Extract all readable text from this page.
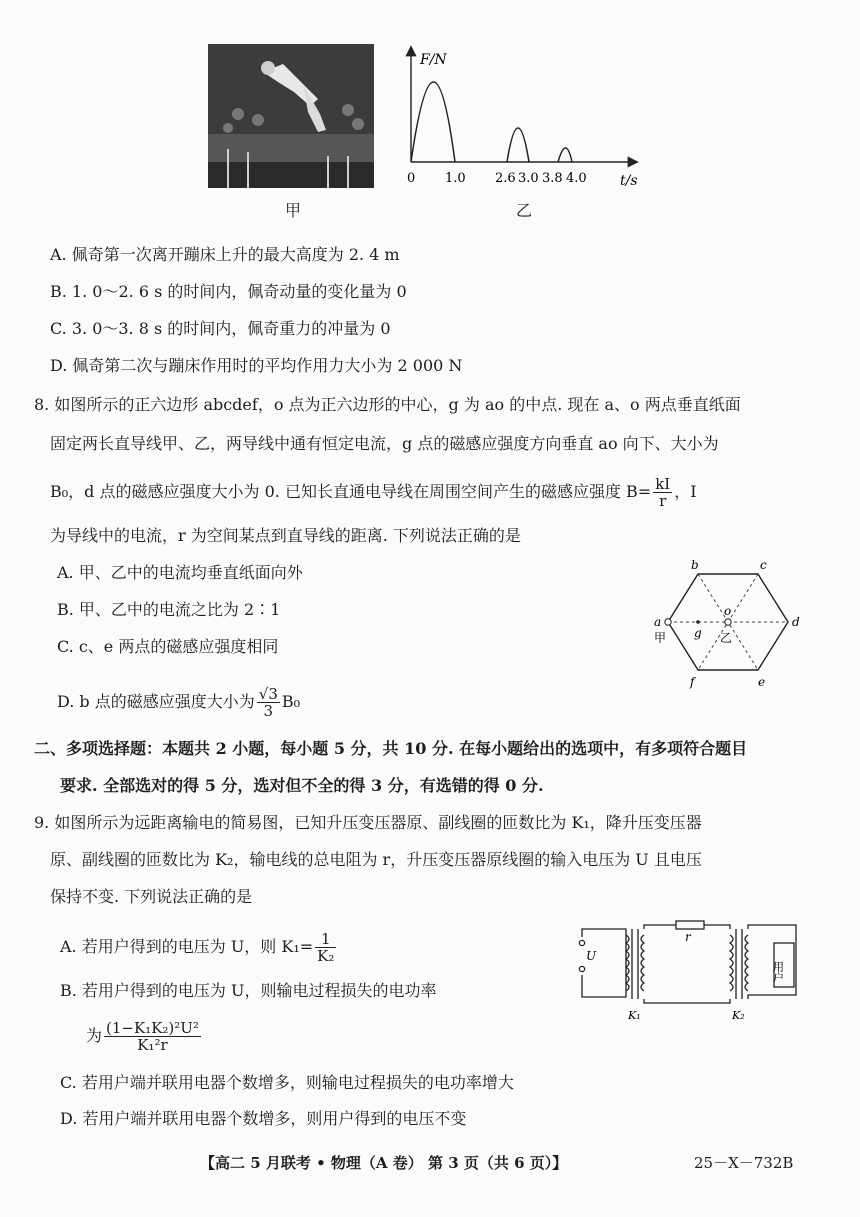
甲
F/N
t/s
0 1.0 2.6 3.0 3.8 4.0
乙
A. 佩奇第一次离开蹦床上升的最大高度为 2. 4 m
B. 1. 0～2. 6 s 的时间内，佩奇动量的变化量为 0
C. 3. 0～3. 8 s 的时间内，佩奇重力的冲量为 0
D. 佩奇第二次与蹦床作用时的平均作用力大小为 2 000 N
8. 如图所示的正六边形 abcdef，o 点为正六边形的中心，g 为 ao 的中点. 现在 a、o 两点垂直纸面
固定两长直导线甲、乙，两导线中通有恒定电流，g 点的磁感应强度方向垂直 ao 向下、大小为
B₀，d 点的磁感应强度大小为 0. 已知长直通电导线在周围空间产生的磁感应强度 $B= \frac{kI}{r}$ ，I
为导线中的电流，r 为空间某点到直导线的距离. 下列说法正确的是
A. 甲、乙中的电流均垂直纸面向外
B. 甲、乙中的电流之比为 2∶1
C. c、e 两点的磁感应强度相同
D. b 点的磁感应强度大小为 $\frac{√3}{3} B_0$
b	c
d
a
f	e
o
g
甲	乙
二、多项选择题：本题共 2 小题，每小题 5 分，共 10 分. 在每小题给出的选项中，有多项符合题目
要求. 全部选对的得 5 分，选对但不全的得 3 分，有选错的得 0 分.
9. 如图所示为远距离输电的简易图，已知升压变压器原、副线圈的匝数比为 K₁，降升压变压器
原、副线圈的匝数比为 K₂，输电线的总电阻为 r，升压变压器原线圈的输入电压为 U 且电压
保持不变. 下列说法正确的是
A. 若用户得到的电压为 U，则 $K_1= \frac{1}{\text{K₂}}$
B. 若用户得到的电压为 U，则输电过程损失的电功率
为 $\frac{\text{(1−K₁K₂)²U²}}{\text{K₁²r}}$
C. 若用户端并联用电器个数增多，则输电过程损失的电功率增大
D. 若用户端并联用电器个数增多，则用户得到的电压不变
U
r
K₁	K₂
用户
【高二 5 月联考 • 物理（A 卷） 第 3 页（共 6 页）】	25－X－732B
